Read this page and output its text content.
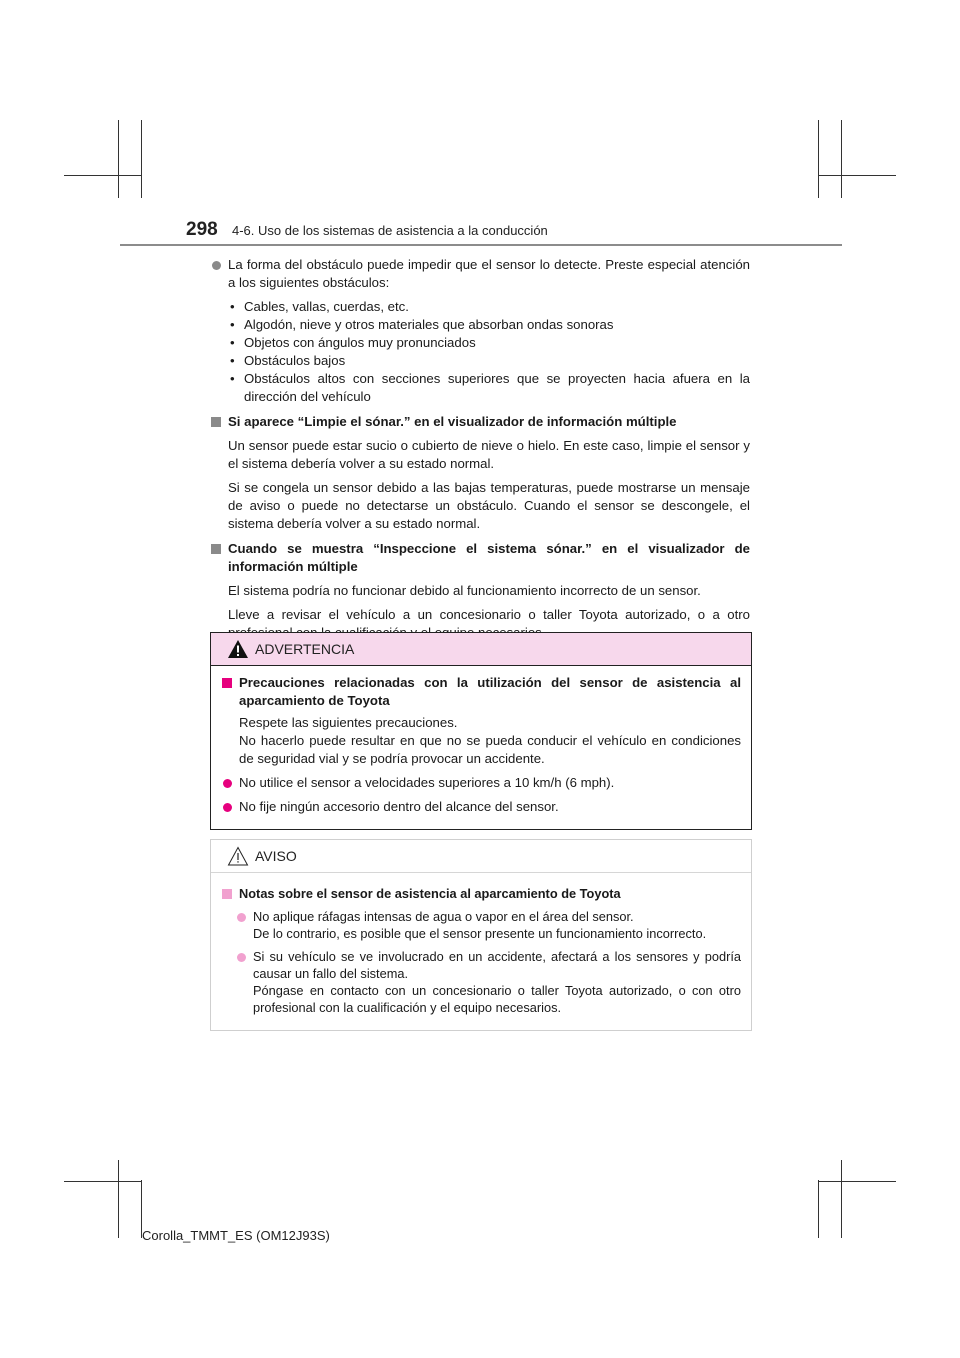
298 4-6. Uso de los sistemas de asistencia a la conducción
La forma del obstáculo puede impedir que el sensor lo detecte. Preste especial atención a los siguientes obstáculos:
• Cables, vallas, cuerdas, etc.
• Algodón, nieve y otros materiales que absorban ondas sonoras
• Objetos con ángulos muy pronunciados
• Obstáculos bajos
• Obstáculos altos con secciones superiores que se proyecten hacia afuera en la dirección del vehículo
Si aparece “Limpie el sónar.” en el visualizador de información múltiple
Un sensor puede estar sucio o cubierto de nieve o hielo. En este caso, limpie el sensor y el sistema debería volver a su estado normal.
Si se congela un sensor debido a las bajas temperaturas, puede mostrarse un mensaje de aviso o puede no detectarse un obstáculo. Cuando el sensor se descongele, el sistema debería volver a su estado normal.
Cuando se muestra “Inspeccione el sistema sónar.” en el visualizador de información múltiple
El sistema podría no funcionar debido al funcionamiento incorrecto de un sensor.
Lleve a revisar el vehículo a un concesionario o taller Toyota autorizado, o a otro
ADVERTENCIA
Precauciones relacionadas con la utilización del sensor de asistencia al aparcamiento de Toyota
Respete las siguientes precauciones.
No hacerlo puede resultar en que no se pueda conducir el vehículo en condiciones de seguridad vial y se podría provocar un accidente.
No utilice el sensor a velocidades superiores a 10 km/h (6 mph).
No fije ningún accesorio dentro del alcance del sensor.
AVISO
Notas sobre el sensor de asistencia al aparcamiento de Toyota
No aplique ráfagas intensas de agua o vapor en el área del sensor.
De lo contrario, es posible que el sensor presente un funcionamiento incorrecto.
Si su vehículo se ve involucrado en un accidente, afectará a los sensores y podría causar un fallo del sistema.
Póngase en contacto con un concesionario o taller Toyota autorizado, o con otro profesional con la cualificación y el equipo necesarios.
Corolla_TMMT_ES (OM12J93S)
